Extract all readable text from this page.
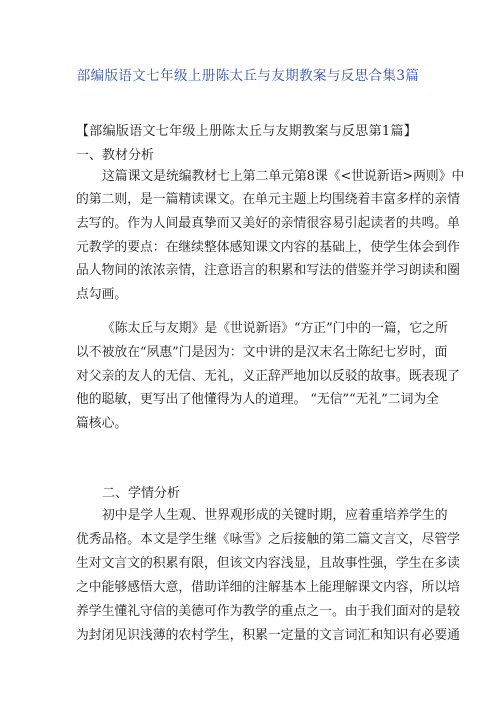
部编版语文七年级上册陈太丘与友期教案与反思合集3篇
【部编版语文七年级上册陈太丘与友期教案与反思第1篇】
一、教材分析
这篇课文是统编教材七上第二单元第8课《<世说新语>两则》中
的第二则，是一篇精读课文。在单元主题上均围绕着丰富多样的亲情
去写的。作为人间最真挚而又美好的亲情很容易引起读者的共鸣。单
元教学的要点：在继续整体感知课文内容的基础上，使学生体会到作
品人物间的浓浓亲情，注意语言的积累和写法的借鉴并学习朗读和圈
点勾画。
《陈太丘与友期》是《世说新语》“方正”门中的一篇，它之所
以不被放在“夙惠”门是因为：文中讲的是汉末名士陈纪七岁时，面
对父亲的友人的无信、无礼，义正辞严地加以反驳的故事。既表现了
他的聪敏，更写出了他懂得为人的道理。 “无信”“无礼”二词为全
篇核心。
二、学情分析
初中是学人生观、世界观形成的关键时期，应着重培养学生的
优秀品格。本文是学生继《咏雪》之后接触的第二篇文言文，尽管学
生对文言文的积累有限，但该文内容浅显，且故事性强，学生在多读
之中能够感悟大意，借助详细的注解基本上能理解课文内容，所以培
养学生懂礼守信的美德可作为教学的重点之一。由于我们面对的是较
为封闭见识浅薄的农村学生，积累一定量的文言词汇和知识有必要通
